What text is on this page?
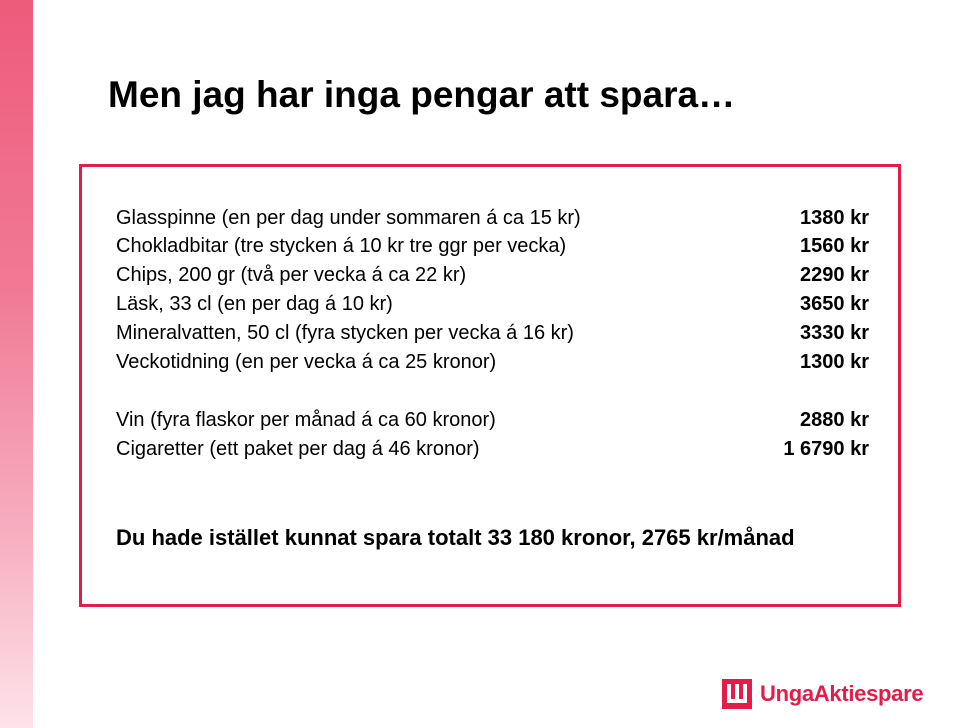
Men jag har inga pengar att spara…
Glasspinne (en per dag under sommaren á ca 15 kr)	1380 kr
Chokladbitar (tre stycken á 10 kr tre ggr per vecka)	1560 kr
Chips, 200 gr (två per vecka á ca 22 kr)	2290 kr
Läsk, 33 cl (en per dag á 10 kr)	3650 kr
Mineralvatten, 50 cl (fyra stycken per vecka á 16 kr)	3330 kr
Veckotidning (en per vecka á ca 25 kronor)	1300 kr
Vin (fyra flaskor per månad á ca 60 kronor)	2880 kr
Cigaretter (ett paket per dag á 46 kronor)	1 6790 kr
Du hade istället kunnat spara totalt 33 180 kronor, 2765 kr/månad
UngaAktiespare
